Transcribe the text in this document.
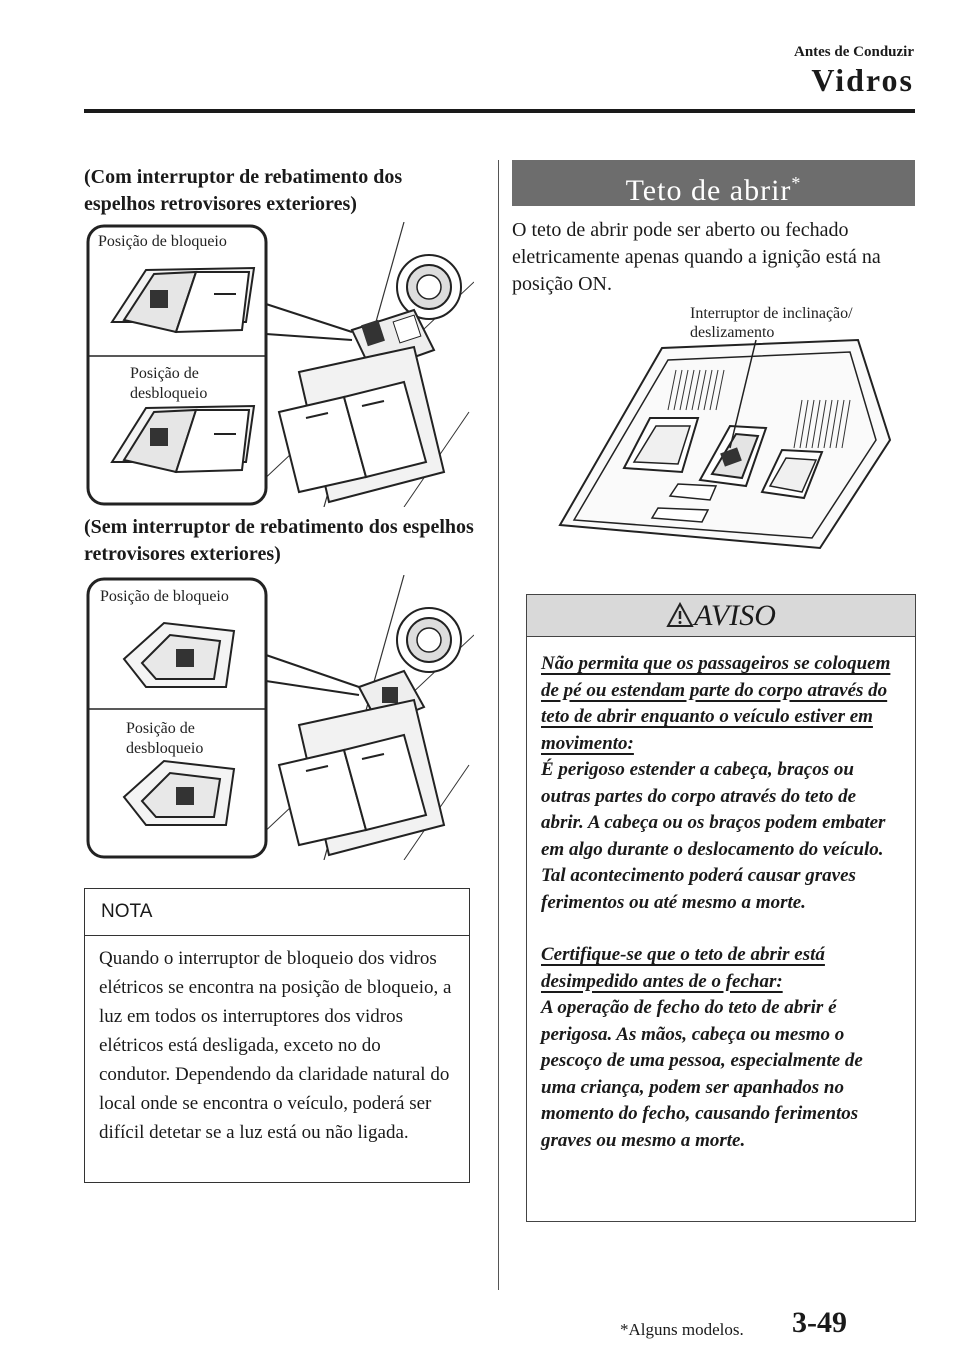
Antes de Conduzir
Vidros
(Com interruptor de rebatimento dos espelhos retrovisores exteriores)
Posição de bloqueio
Posição de
desbloqueio
(Sem interruptor de rebatimento dos espelhos retrovisores exteriores)
Posição de bloqueio
Posição de
desbloqueio
NOTA
Quando o interruptor de bloqueio dos vidros elétricos se encontra na posição de bloqueio, a luz em todos os interruptores dos vidros elétricos está desligada, exceto no do condutor. Dependendo da claridade natural do local onde se encontra o veículo, poderá ser difícil detetar se a luz está ou não ligada.
Teto de abrir*
O teto de abrir pode ser aberto ou fechado eletricamente apenas quando a ignição está na posição ON.
Interruptor de inclinação/
deslizamento
AVISO

Não permita que os passageiros se coloquem de pé ou estendam parte do corpo através do teto de abrir enquanto o veículo estiver em movimento:

É perigoso estender a cabeça, braços ou outras partes do corpo através do teto de abrir. A cabeça ou os braços podem embater em algo durante o deslocamento do veículo. Tal acontecimento poderá causar graves ferimentos ou até mesmo a morte.

Certifique-se que o teto de abrir está desimpedido antes de o fechar:

A operação de fecho do teto de abrir é perigosa. As mãos, cabeça ou mesmo o pescoço de uma pessoa, especialmente de uma criança, podem ser apanhados no momento do fecho, causando ferimentos graves ou mesmo a morte.

*Alguns modelos. 3-49
